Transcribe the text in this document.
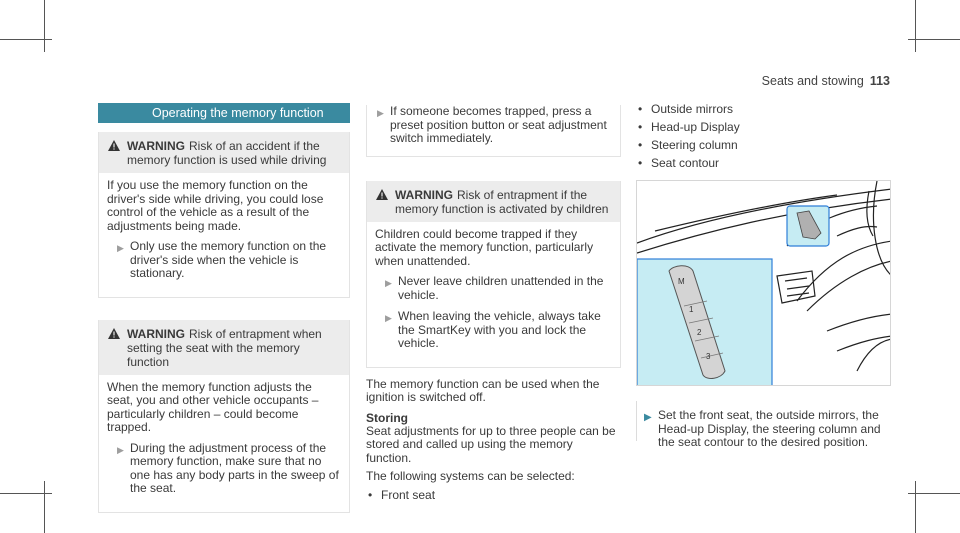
Seats and stowing 113
Operating the memory function
WARNING Risk of an accident if the memory function is used while driving

If you use the memory function on the driver's side while driving, you could lose control of the vehicle as a result of the adjustments being made.

▶ Only use the memory function on the driver's side when the vehicle is stationary.
WARNING Risk of entrapment when setting the seat with the memory function

When the memory function adjusts the seat, you and other vehicle occupants – particularly children – could become trapped.

▶ During the adjustment process of the memory function, make sure that no one has any body parts in the sweep of the seat.
▶ If someone becomes trapped, press a preset position button or seat adjustment switch immediately.
WARNING Risk of entrapment if the memory function is activated by children

Children could become trapped if they activate the memory function, particularly when unattended.

▶ Never leave children unattended in the vehicle.
▶ When leaving the vehicle, always take the SmartKey with you and lock the vehicle.

The memory function can be used when the ignition is switched off.

Storing

Seat adjustments for up to three people can be stored and called up using the memory function.

The following systems can be selected:

• Front seat
• Outside mirrors
• Head-up Display
• Steering column
• Seat contour
M
1
2
3
▶ Set the front seat, the outside mirrors, the Head-up Display, the steering column and the seat contour to the desired position.
